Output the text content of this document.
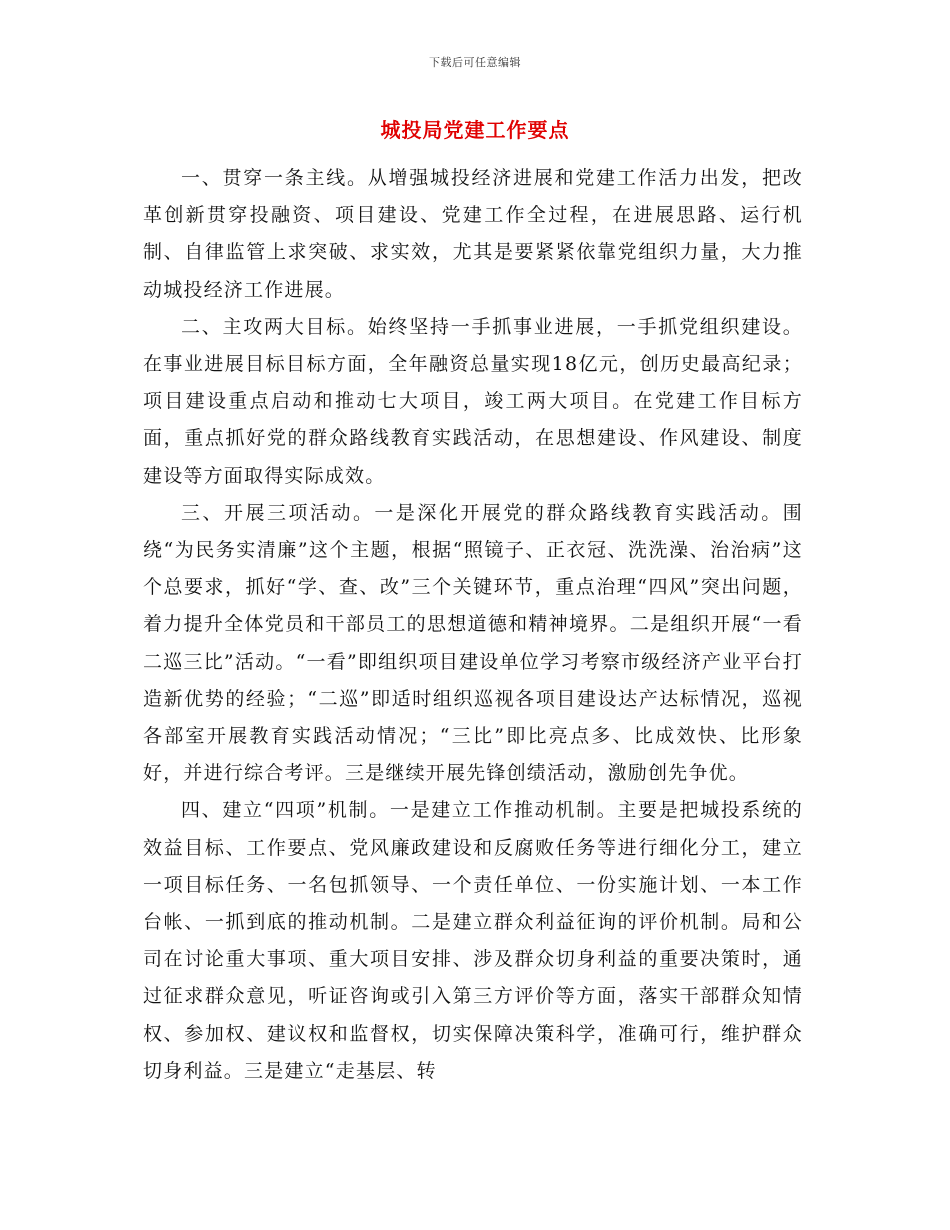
下载后可任意编辑
城投局党建工作要点

一、贯穿一条主线。从增强城投经济进展和党建工作活力出发，把改革创新贯穿投融资、项目建设、党建工作全过程，在进展思路、运行机制、自律监管上求突破、求实效，尤其是要紧紧依靠党组织力量，大力推动城投经济工作进展。

二、主攻两大目标。始终坚持一手抓事业进展，一手抓党组织建设。在事业进展目标目标方面，全年融资总量实现18亿元，创历史最高纪录；项目建设重点启动和推动七大项目，竣工两大项目。在党建工作目标方面，重点抓好党的群众路线教育实践活动，在思想建设、作风建设、制度建设等方面取得实际成效。

三、开展三项活动。一是深化开展党的群众路线教育实践活动。围绕“为民务实清廉”这个主题，根据“照镜子、正衣冠、洗洗澡、治治病”这个总要求，抓好“学、查、改”三个关键环节，重点治理“四风”突出问题，着力提升全体党员和干部员工的思想道德和精神境界。二是组织开展“一看二巡三比”活动。“一看”即组织项目建设单位学习考察市级经济产业平台打造新优势的经验；“二巡”即适时组织巡视各项目建设达产达标情况，巡视各部室开展教育实践活动情况；“三比”即比亮点多、比成效快、比形象好，并进行综合考评。三是继续开展先锋创绩活动，激励创先争优。

四、建立“四项”机制。一是建立工作推动机制。主要是把城投系统的效益目标、工作要点、党风廉政建设和反腐败任务等进行细化分工，建立一项目标任务、一名包抓领导、一个责任单位、一份实施计划、一本工作台帐、一抓到底的推动机制。二是建立群众利益征询的评价机制。局和公司在讨论重大事项、重大项目安排、涉及群众切身利益的重要决策时，通过征求群众意见，听证咨询或引入第三方评价等方面，落实干部群众知情权、参加权、建议权和监督权，切实保障决策科学，准确可行，维护群众切身利益。三是建立“走基层、转
